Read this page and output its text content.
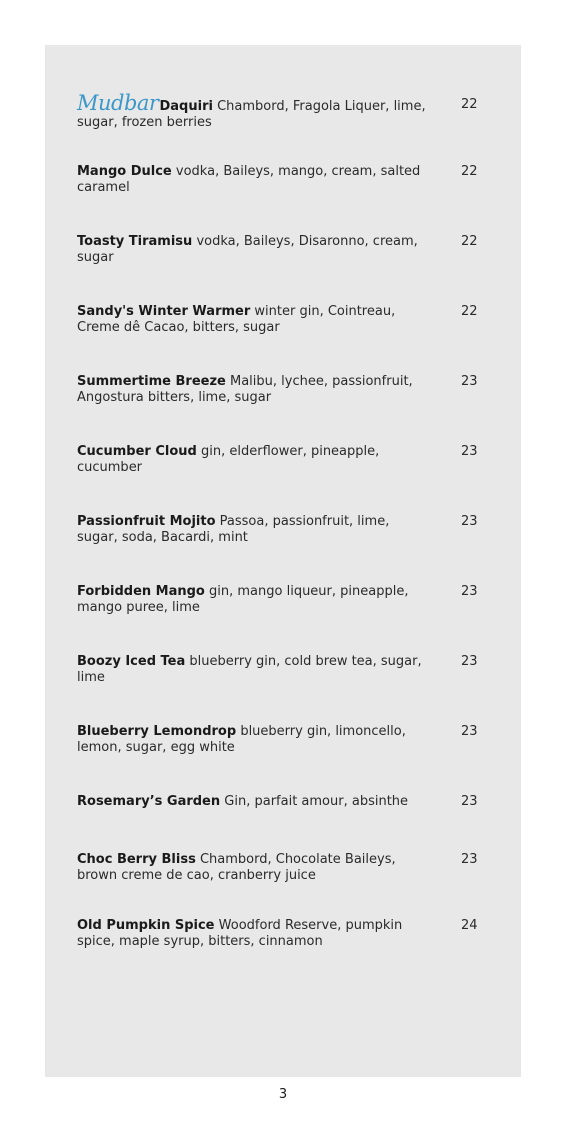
MudbarDaquiri Chambord, Fragola Liquer, lime, sugar, frozen berries
22
Mango Dulce vodka, Baileys, mango, cream, salted caramel
22
Toasty Tiramisu vodka, Baileys, Disaronno, cream, sugar
22
Sandy's Winter Warmer winter gin, Cointreau, Creme dê Cacao, bitters, sugar
22
Summertime Breeze Malibu, lychee, passionfruit, Angostura bitters, lime, sugar
23
Cucumber Cloud gin, elderflower, pineapple, cucumber
23
Passionfruit Mojito Passoa, passionfruit, lime, sugar, soda, Bacardi, mint
23
Forbidden Mango gin, mango liqueur, pineapple, mango puree, lime
23
Boozy Iced Tea blueberry gin, cold brew tea, sugar, lime
23
Blueberry Lemondrop blueberry gin, limoncello, lemon, sugar, egg white
23
Rosemary’s Garden Gin, parfait amour, absinthe	23
Choc Berry Bliss Chambord, Chocolate Baileys, brown creme de cao, cranberry juice
23
Old Pumpkin Spice Woodford Reserve, pumpkin spice, maple syrup, bitters, cinnamon
24
3
